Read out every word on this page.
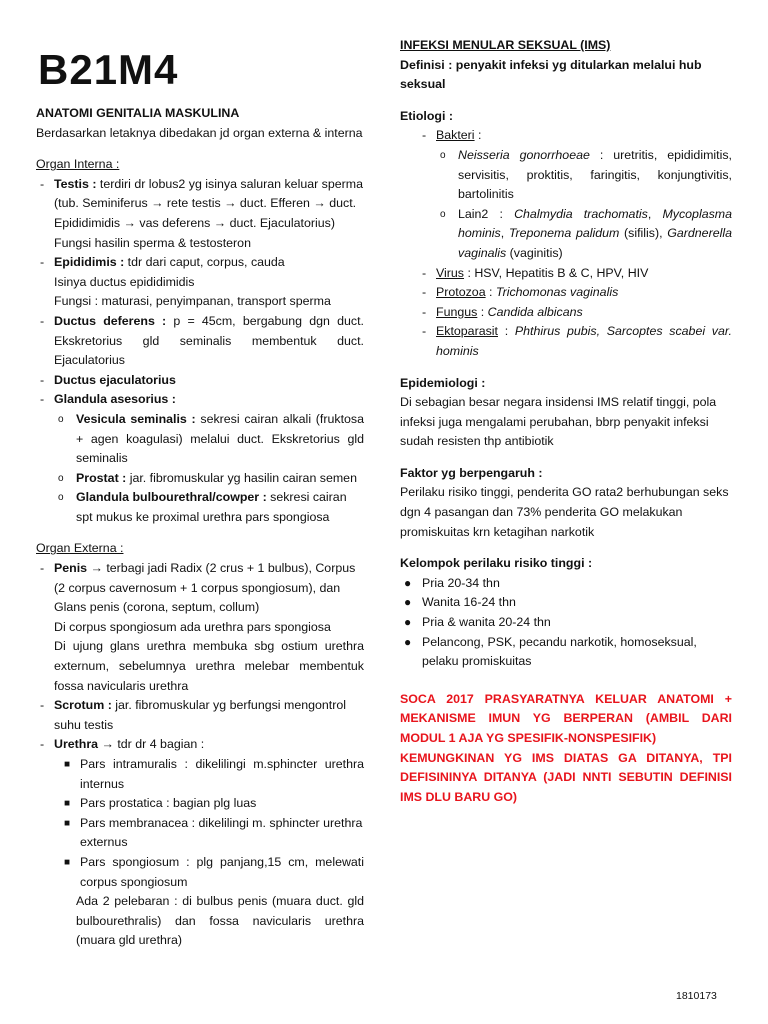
B21M4
ANATOMI GENITALIA MASKULINA
Berdasarkan letaknya dibedakan jd organ externa & interna
Organ Interna :
- Testis : terdiri dr lobus2 yg isinya saluran keluar sperma (tub. Seminiferus → rete testis → duct. Efferen → duct. Epididimidis → vas deferens → duct. Ejaculatorius)
Fungsi hasilin sperma & testosteron
- Epididimis : tdr dari caput, corpus, cauda
Isinya ductus epididimidis
Fungsi : maturasi, penyimpanan, transport sperma
- Ductus deferens : p = 45cm, bergabung dgn duct. Ekskretorius gld seminalis membentuk duct. Ejaculatorius
- Ductus ejaculatorius
- Glandula asesorius :
o	Vesicula seminalis : sekresi cairan alkali (fruktosa + agen koagulasi) melalui duct. Ekskretorius gld seminalis
o	Prostat : jar. fibromuskular yg hasilin cairan semen
o	Glandula bulbourethral/cowper : sekresi cairan spt mukus ke proximal urethra pars spongiosa
Organ Externa :
- Penis → terbagi jadi Radix (2 crus + 1 bulbus), Corpus (2 corpus cavernosum + 1 corpus spongiosum), dan Glans penis (corona, septum, collum)
Di corpus spongiosum ada urethra pars spongiosa
Di ujung glans urethra membuka sbg ostium urethra externum, sebelumnya urethra melebar membentuk fossa navicularis urethra
- Scrotum : jar. fibromuskular yg berfungsi mengontrol suhu testis
- Urethra → tdr dr 4 bagian :
■ Pars intramuralis : dikelilingi m.sphincter urethra internus
■ Pars prostatica : bagian plg luas
■ Pars membranacea : dikelilingi m. sphincter urethra externus
■ Pars spongiosum : plg panjang,15 cm, melewati corpus spongiosum
Ada 2 pelebaran : di bulbus penis (muara duct. gld bulbourethralis) dan fossa navicularis urethra (muara gld urethra)
INFEKSI MENULAR SEKSUAL (IMS)
Definisi : penyakit infeksi yg ditularkan melalui hub seksual
Etiologi :
- Bakteri :
o	Neisseria gonorrhoeae : uretritis, epididimitis, servisitis, proktitis, faringitis, konjungtivitis, bartolinitis
o	Lain2 : Chalmydia trachomatis, Mycoplasma hominis, Treponema palidum (sifilis), Gardnerella vaginalis (vaginitis)
- Virus : HSV, Hepatitis B & C, HPV, HIV
- Protozoa : Trichomonas vaginalis
- Fungus : Candida albicans
- Ektoparasit : Phthirus pubis, Sarcoptes scabei var. hominis
Epidemiologi :
Di sebagian besar negara insidensi IMS relatif tinggi, pola infeksi juga mengalami perubahan, bbrp penyakit infeksi sudah resisten thp antibiotik
Faktor yg berpengaruh :
Perilaku risiko tinggi, penderita GO rata2 berhubungan seks dgn 4 pasangan dan 73% penderita GO melakukan promiskuitas krn ketagihan narkotik
Kelompok perilaku risiko tinggi :
● Pria 20-34 thn
● Wanita 16-24 thn
● Pria & wanita 20-24 thn
● Pelancong, PSK, pecandu narkotik, homoseksual, pelaku promiskuitas
SOCA 2017 PRASYARATNYA KELUAR ANATOMI + MEKANISME IMUN YG BERPERAN (AMBIL DARI MODUL 1 AJA YG SPESIFIK-NONSPESIFIK)
KEMUNGKINAN YG IMS DIATAS GA DITANYA, TPI DEFISININYA DITANYA (JADI NNTI SEBUTIN DEFINISI IMS DLU BARU GO)
1810173
